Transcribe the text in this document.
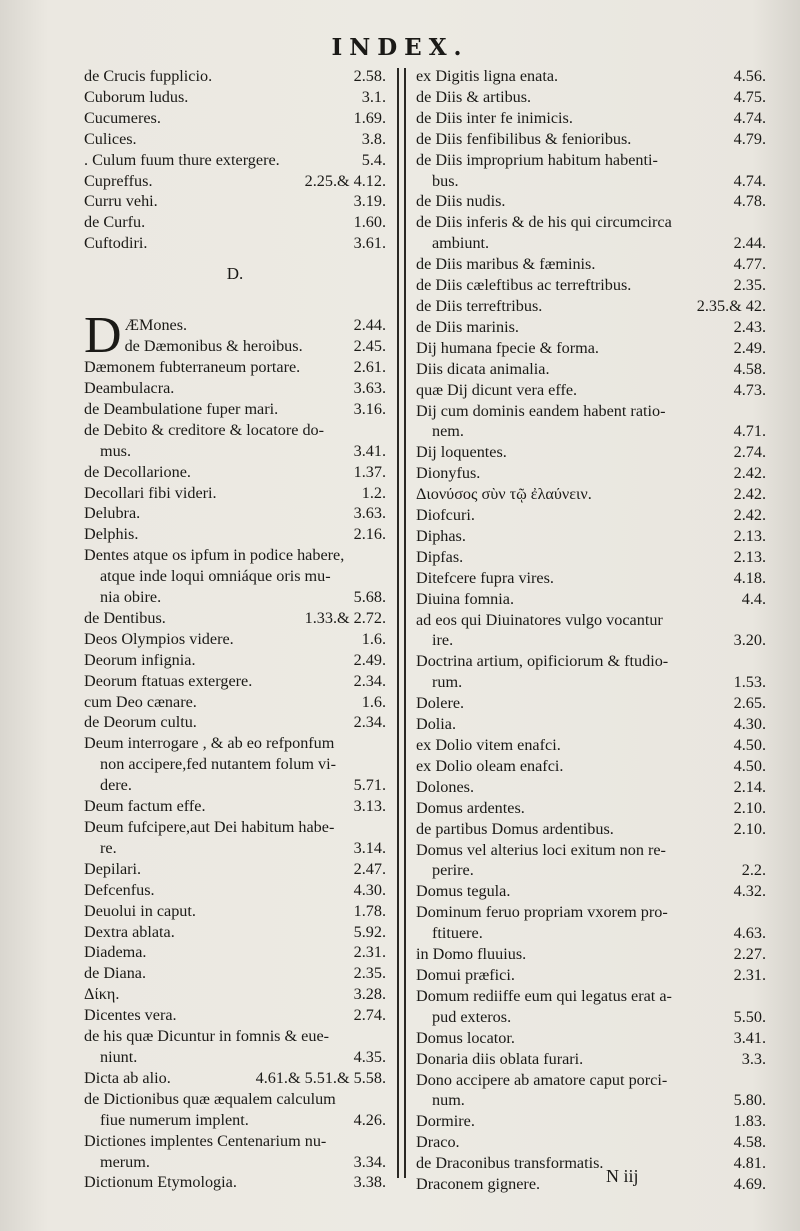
INDEX.
de Crucis fupplicio.	2.58.
Cuborum ludus.	3.1.
Cucumeres.	1.69.
Culices.	3.8.
. Culum fuum thure extergere.	5.4.
Cupreffus.	2.25.& 4.12.
Curru vehi.	3.19.
de Curfu.	1.60.
Cuftodiri.	3.61.
D.
D ÆMones.	2.44.
de Dæmonibus & heroibus.	2.45.
Dæmonem fubterraneum portare.	2.61.
Deambulacra.	3.63.
de Deambulatione fuper mari.	3.16.
de Debito & creditore & locatore do-
mus.	3.41.
de Decollarione.	1.37.
Decollari fibi videri.	1.2.
Delubra.	3.63.
Delphis.	2.16.
Dentes atque os ipfum in podice habere,
atque inde loqui omniáque oris mu-
nia obire.	5.68.
de Dentibus.	1.33.& 2.72.
Deos Olympios videre.	1.6.
Deorum infignia.	2.49.
Deorum ftatuas extergere.	2.34.
cum Deo cænare.	1.6.
de Deorum cultu.	2.34.
Deum interrogare , & ab eo refponfum
non accipere,fed nutantem folum vi-
dere.	5.71.
Deum factum effe.	3.13.
Deum fufcipere,aut Dei habitum habe-
re.	3.14.
Depilari.	2.47.
Defcenfus.	4.30.
Deuolui in caput.	1.78.
Dextra ablata.	5.92.
Diadema.	2.31.
de Diana.	2.35.
Δίκη.	3.28.
Dicentes vera.	2.74.
de his quæ Dicuntur in fomnis & eue-
niunt.	4.35.
Dicta ab alio.	4.61.& 5.51.& 5.58.
de Dictionibus quæ æqualem calculum
fiue numerum implent.	4.26.
Dictiones implentes Centenarium nu-
merum.	3.34.
Dictionum Etymologia.	3.38.
ex Digitis ligna enata.	4.56.
de Diis & artibus.	4.75.
de Diis inter fe inimicis.	4.74.
de Diis fenfibilibus & fenioribus.	4.79.
de Diis improprium habitum habenti-
bus.	4.74.
de Diis nudis.	4.78.
de Diis inferis & de his qui circumcirca
ambiunt.	2.44.
de Diis maribus & fæminis.	4.77.
de Diis cæleftibus ac terreftribus.	2.35.
de Diis terreftribus.	2.35.& 42.
de Diis marinis.	2.43.
Dij humana fpecie & forma.	2.49.
Diis dicata animalia.	4.58.
quæ Dij dicunt vera effe.	4.73.
Dij cum dominis eandem habent ratio-
nem.	4.71.
Dij loquentes.	2.74.
Dionyfus.	2.42.
Διονύσος σὺν τῷ ἐλαύνειν.	2.42.
Diofcuri.	2.42.
Diphas.	2.13.
Dipfas.	2.13.
Ditefcere fupra vires.	4.18.
Diuina fomnia.	4.4.
ad eos qui Diuinatores vulgo vocantur
ire.	3.20.
Doctrina artium, opificiorum & ftudio-
rum.	1.53.
Dolere.	2.65.
Dolia.	4.30.
ex Dolio vitem enafci.	4.50.
ex Dolio oleam enafci.	4.50.
Dolones.	2.14.
Domus ardentes.	2.10.
de partibus Domus ardentibus.	2.10.
Domus vel alterius loci exitum non re-
perire.	2.2.
Domus tegula.	4.32.
Dominum feruo propriam vxorem pro-
ftituere.	4.63.
in Domo fluuius.	2.27.
Domui præfici.	2.31.
Domum rediiffe eum qui legatus erat a-
pud exteros.	5.50.
Domus locator.	3.41.
Donaria diis oblata furari.	3.3.
Dono accipere ab amatore caput porci-
num.	5.80.
Dormire.	1.83.
Draco.	4.58.
de Draconibus transformatis.	4.81.
Draconem gignere.	4.69.
N iij
